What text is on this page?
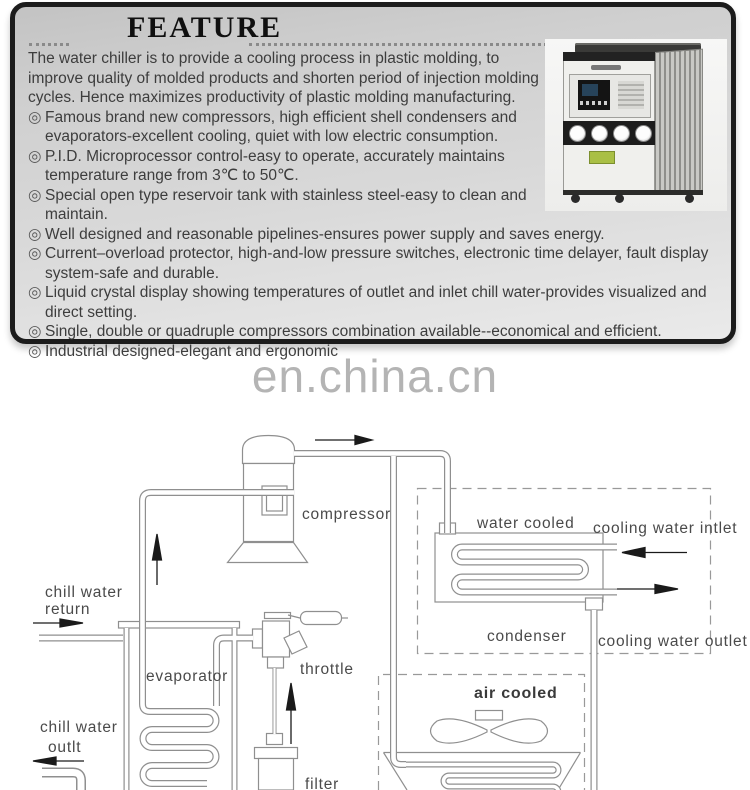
FEATURE
The water chiller is to provide a cooling process in plastic molding, to improve quality of molded products and shorten period of injection molding cycles. Hence maximizes productivity of plastic molding manufacturing.
◎ Famous brand new compressors, high efficient shell condensers and evaporators-excellent cooling, quiet with low electric consumption.
◎ P.I.D. Microprocessor control-easy to operate, accurately maintains temperature range from 3℃ to 50℃.
◎ Special open type reservoir tank with stainless steel-easy to clean and maintain.
◎ Well designed and reasonable pipelines-ensures power supply and saves energy.
◎ Current–overload protector, high-and-low pressure switches, electronic time delayer, fault display system-safe and durable.
◎ Liquid crystal display showing temperatures of outlet and inlet chill water-provides visualized and direct setting.
◎ Single, double or quadruple compressors combination available--economical and efficient.
◎ Industrial designed-elegant and ergonomic
en.china.cn
compressor
water cooled cooling water intlet
condenser cooling water outlet
air cooled
chill water
return
evaporator	throttle
chill water
outlt
filter
